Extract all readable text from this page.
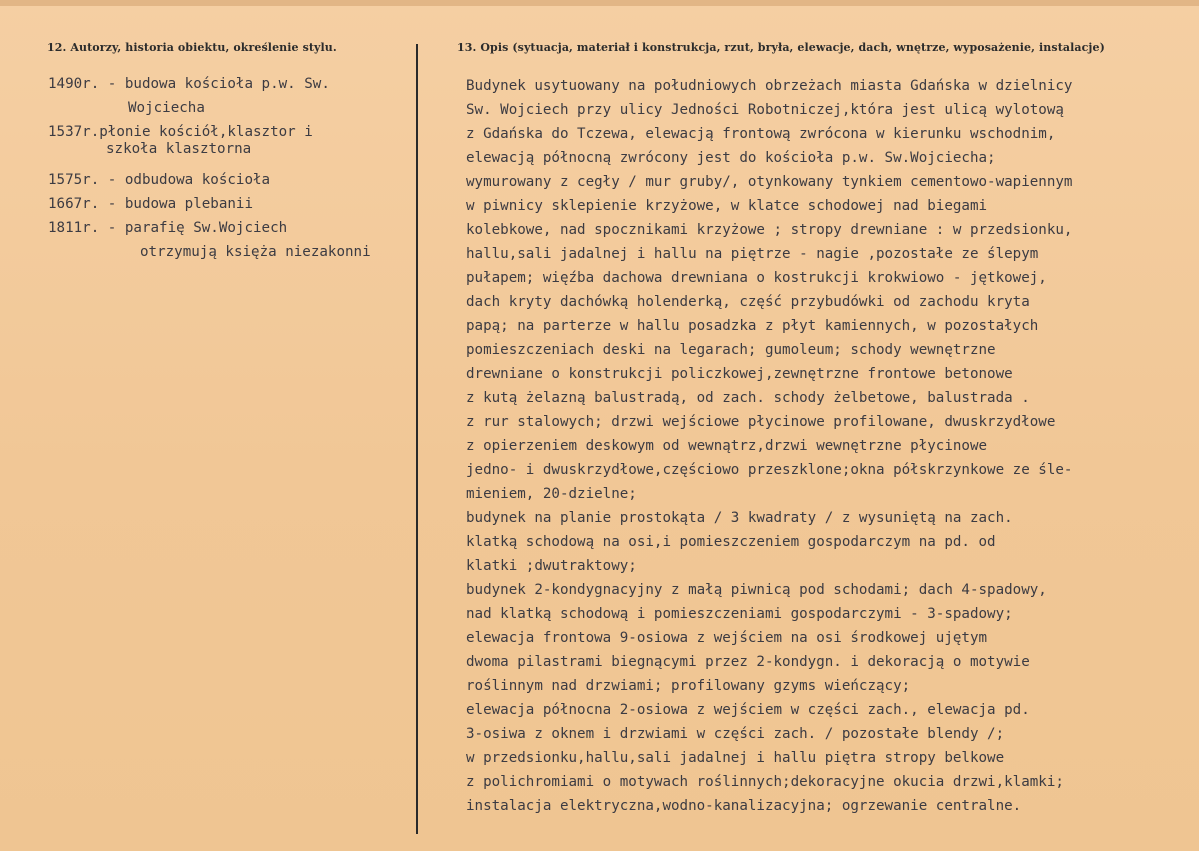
12. Autorzy, historia obiektu, określenie stylu.	13. Opis (sytuacja, materiał i konstrukcja, rzut, bryła, elewacje, dach, wnętrze, wyposażenie, instalacje)
1490r. - budowa kościoła p.w. Sw.
Wojciecha
1537r.płonie kościół,klasztor i
szkoła klasztorna
1575r. - odbudowa kościoła
1667r. - budowa plebanii
1811r. - parafię Sw.Wojciech
otrzymują księża niezakonni
Budynek usytuowany na południowych obrzeżach miasta Gdańska w dzielnicy
Sw. Wojciech przy ulicy Jedności Robotniczej,która jest ulicą wylotową
z Gdańska do Tczewa, elewacją frontową zwrócona w kierunku wschodnim,
elewacją północną zwrócony jest do kościoła p.w. Sw.Wojciecha;
wymurowany z cegły / mur gruby/, otynkowany tynkiem cementowo-wapiennym
w piwnicy sklepienie krzyżowe, w klatce schodowej nad biegami
kolebkowe, nad spocznikami krzyżowe ; stropy drewniane : w przedsionku,
hallu,sali jadalnej i hallu na piętrze - nagie ,pozostałe ze ślepym
pułapem; więźba dachowa drewniana o kostrukcji krokwiowo - jętkowej,
dach kryty dachówką holenderką, część przybudówki od zachodu kryta
papą; na parterze w hallu posadzka z płyt kamiennych, w pozostałych
pomieszczeniach deski na legarach; gumoleum; schody wewnętrzne
drewniane o konstrukcji policzkowej,zewnętrzne frontowe betonowe
z kutą żelazną balustradą, od zach. schody żelbetowe, balustrada .
z rur stalowych; drzwi wejściowe płycinowe profilowane, dwuskrzydłowe
z opierzeniem deskowym od wewnątrz,drzwi wewnętrzne płycinowe
jedno- i dwuskrzydłowe,częściowo przeszklone;okna półskrzynkowe ze śle-
mieniem, 20-dzielne;
budynek na planie prostokąta / 3 kwadraty / z wysuniętą na zach.
klatką schodową na osi,i pomieszczeniem gospodarczym na pd. od
klatki ;dwutraktowy;
budynek 2-kondygnacyjny z małą piwnicą pod schodami; dach 4-spadowy,
nad klatką schodową i pomieszczeniami gospodarczymi - 3-spadowy;
elewacja frontowa 9-osiowa z wejściem na osi środkowej ujętym
dwoma pilastrami biegnącymi przez 2-kondygn. i dekoracją o motywie
roślinnym nad drzwiami; profilowany gzyms wieńczący;
elewacja północna 2-osiowa z wejściem w części zach., elewacja pd.
3-osiwa z oknem i drzwiami w części zach. / pozostałe blendy /;
w przedsionku,hallu,sali jadalnej i hallu piętra stropy belkowe
z polichromiami o motywach roślinnych;dekoracyjne okucia drzwi,klamki;
instalacja elektryczna,wodno-kanalizacyjna; ogrzewanie centralne.
